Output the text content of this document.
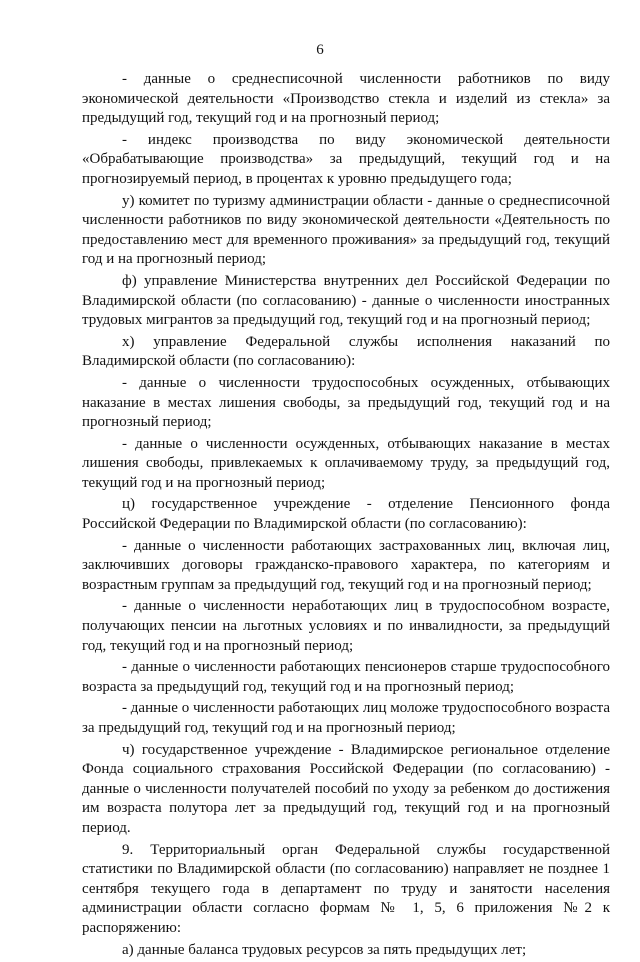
6

- данные о среднесписочной численности работников по виду экономической деятельности «Производство стекла и изделий из стекла» за предыдущий год, текущий год и на прогнозный период;

- индекс производства по виду экономической деятельности «Обрабатывающие производства» за предыдущий, текущий год и на прогнозируемый период, в процентах к уровню предыдущего года;

у) комитет по туризму администрации области - данные о среднесписочной численности работников по виду экономической деятельности «Деятельность по предоставлению мест для временного проживания» за предыдущий год, текущий год и на прогнозный период;

ф) управление Министерства внутренних дел Российской Федерации по Владимирской области (по согласованию) - данные о численности иностранных трудовых мигрантов за предыдущий год, текущий год и на прогнозный период;

х) управление Федеральной службы исполнения наказаний по Владимирской области (по согласованию):

- данные о численности трудоспособных осужденных, отбывающих наказание в местах лишения свободы, за предыдущий год, текущий год и на прогнозный период;

- данные о численности осужденных, отбывающих наказание в местах лишения свободы, привлекаемых к оплачиваемому труду, за предыдущий год, текущий год и на прогнозный период;

ц) государственное учреждение - отделение Пенсионного фонда Российской Федерации по Владимирской области (по согласованию):

- данные о численности работающих застрахованных лиц, включая лиц, заключивших договоры гражданско-правового характера, по категориям и возрастным группам за предыдущий год, текущий год и на прогнозный период;

- данные о численности неработающих лиц в трудоспособном возрасте, получающих пенсии на льготных условиях и по инвалидности, за предыдущий год, текущий год и на прогнозный период;

- данные о численности работающих пенсионеров старше трудоспособного возраста за предыдущий год, текущий год и на прогнозный период;

- данные о численности работающих лиц моложе трудоспособного возраста за предыдущий год, текущий год и на прогнозный период;

ч) государственное учреждение - Владимирское региональное отделение Фонда социального страхования Российской Федерации (по согласованию) - данные о численности получателей пособий по уходу за ребенком до достижения им возраста полутора лет за предыдущий год, текущий год и на прогнозный период.

9. Территориальный орган Федеральной службы государственной статистики по Владимирской области (по согласованию) направляет не позднее 1 сентября текущего года в департамент по труду и занятости населения администрации области согласно формам № 1, 5, 6 приложения №2 к распоряжению:

а) данные баланса трудовых ресурсов за пять предыдущих лет;
